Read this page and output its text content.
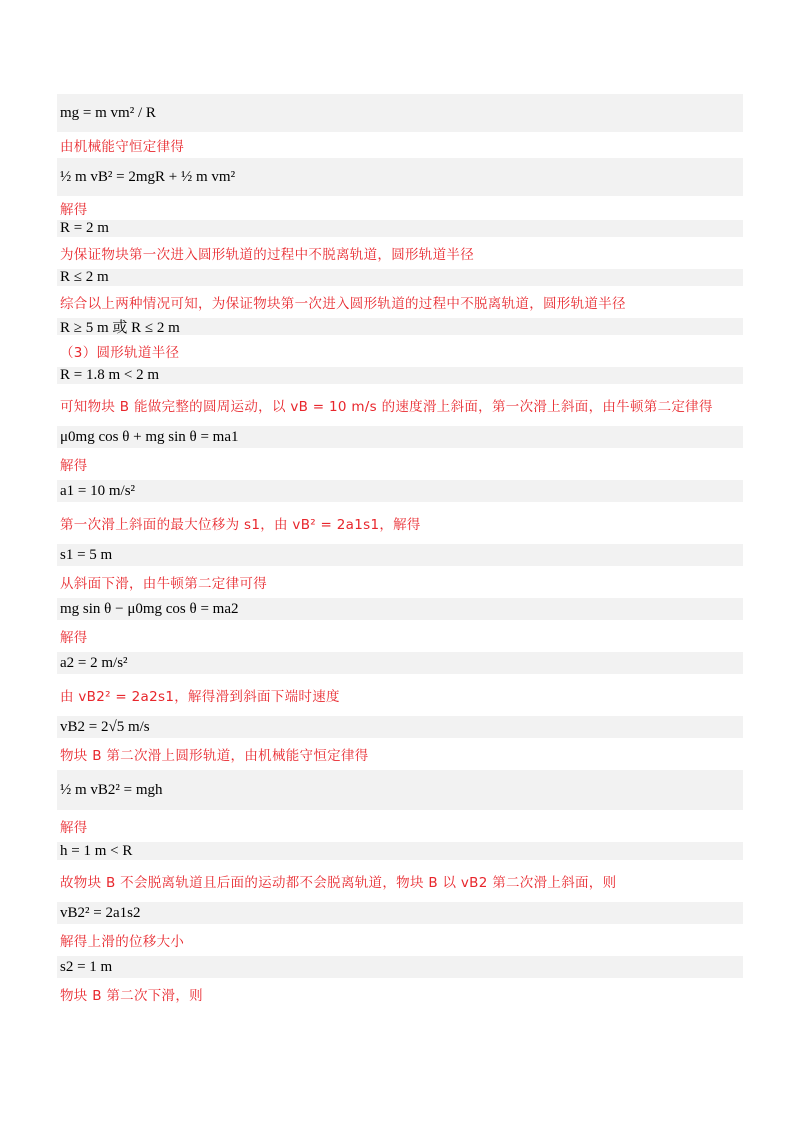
mg = m vm² / R
由机械能守恒定律得
½ m vB² = 2mgR + ½ m vm²
解得
R = 2 m
为保证物块第一次进入圆形轨道的过程中不脱离轨道，圆形轨道半径
R ≤ 2 m
综合以上两种情况可知，为保证物块第一次进入圆形轨道的过程中不脱离轨道，圆形轨道半径
R ≥ 5 m 或 R ≤ 2 m
（3）圆形轨道半径
R = 1.8 m < 2 m
可知物块 B 能做完整的圆周运动，以 vB = 10 m/s 的速度滑上斜面，第一次滑上斜面，由牛顿第二定律得
μ0mg cos θ + mg sin θ = ma1
解得
a1 = 10 m/s²
第一次滑上斜面的最大位移为 s1，由 vB² = 2a1s1，解得
s1 = 5 m
从斜面下滑，由牛顿第二定律可得
mg sin θ − μ0mg cos θ = ma2
解得
a2 = 2 m/s²
由 vB2² = 2a2s1，解得滑到斜面下端时速度
vB2 = 2√5 m/s
物块 B 第二次滑上圆形轨道，由机械能守恒定律得
½ m vB2² = mgh
解得
h = 1 m < R
故物块 B 不会脱离轨道且后面的运动都不会脱离轨道，物块 B 以 vB2 第二次滑上斜面，则
vB2² = 2a1s2
解得上滑的位移大小
s2 = 1 m
物块 B 第二次下滑，则
